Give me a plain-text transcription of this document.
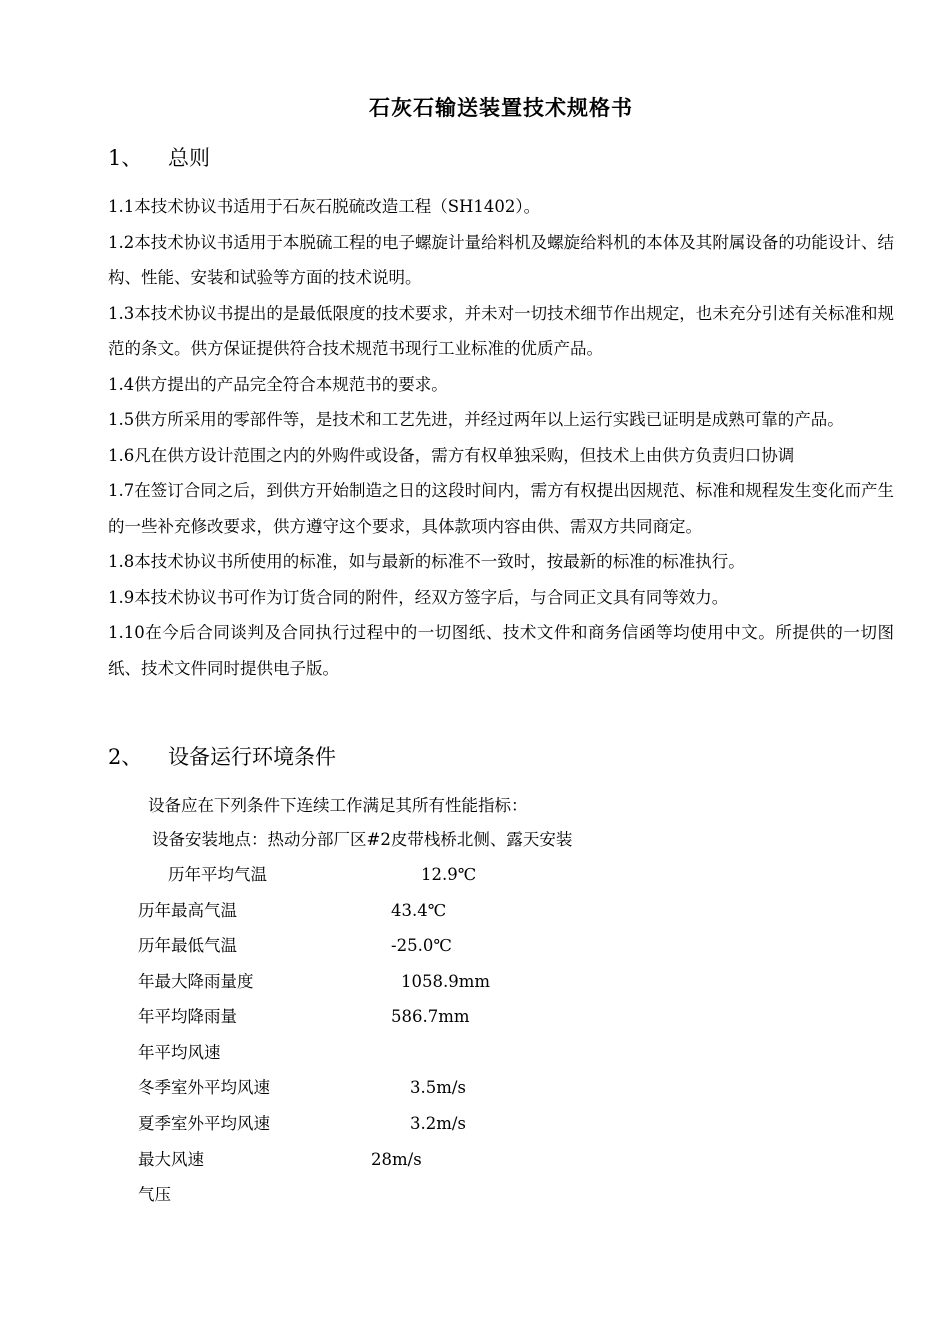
石灰石输送装置技术规格书
1、	总则

1.1本技术协议书适用于石灰石脱硫改造工程（SH1402）。

1.2本技术协议书适用于本脱硫工程的电子螺旋计量给料机及螺旋给料机的本体及其附属设备的功能设计、结构、性能、安装和试验等方面的技术说明。

1.3本技术协议书提出的是最低限度的技术要求，并未对一切技术细节作出规定，也未充分引述有关标准和规范的条文。供方保证提供符合技术规范书现行工业标准的优质产品。

1.4供方提出的产品完全符合本规范书的要求。

1.5供方所采用的零部件等，是技术和工艺先进，并经过两年以上运行实践已证明是成熟可靠的产品。

1.6凡在供方设计范围之内的外购件或设备，需方有权单独采购，但技术上由供方负责归口协调

1.7在签订合同之后，到供方开始制造之日的这段时间内，需方有权提出因规范、标准和规程发生变化而产生的一些补充修改要求，供方遵守这个要求，具体款项内容由供、需双方共同商定。

1.8本技术协议书所使用的标准，如与最新的标准不一致时，按最新的标准的标准执行。

1.9本技术协议书可作为订货合同的附件，经双方签字后，与合同正文具有同等效力。

1.10在今后合同谈判及合同执行过程中的一切图纸、技术文件和商务信函等均使用中文。所提供的一切图纸、技术文件同时提供电子版。

2、	设备运行环境条件
设备应在下列条件下连续工作满足其所有性能指标：
设备安装地点：热动分部厂区#2皮带栈桥北侧、露天安装
历年平均气温	12.9℃
历年最高气温	43.4℃
历年最低气温	-25.0℃
年最大降雨量度	1058.9mm
年平均降雨量	586.7mm
年平均风速
冬季室外平均风速	3.5m/s
夏季室外平均风速	3.2m/s
最大风速	28m/s
气压
